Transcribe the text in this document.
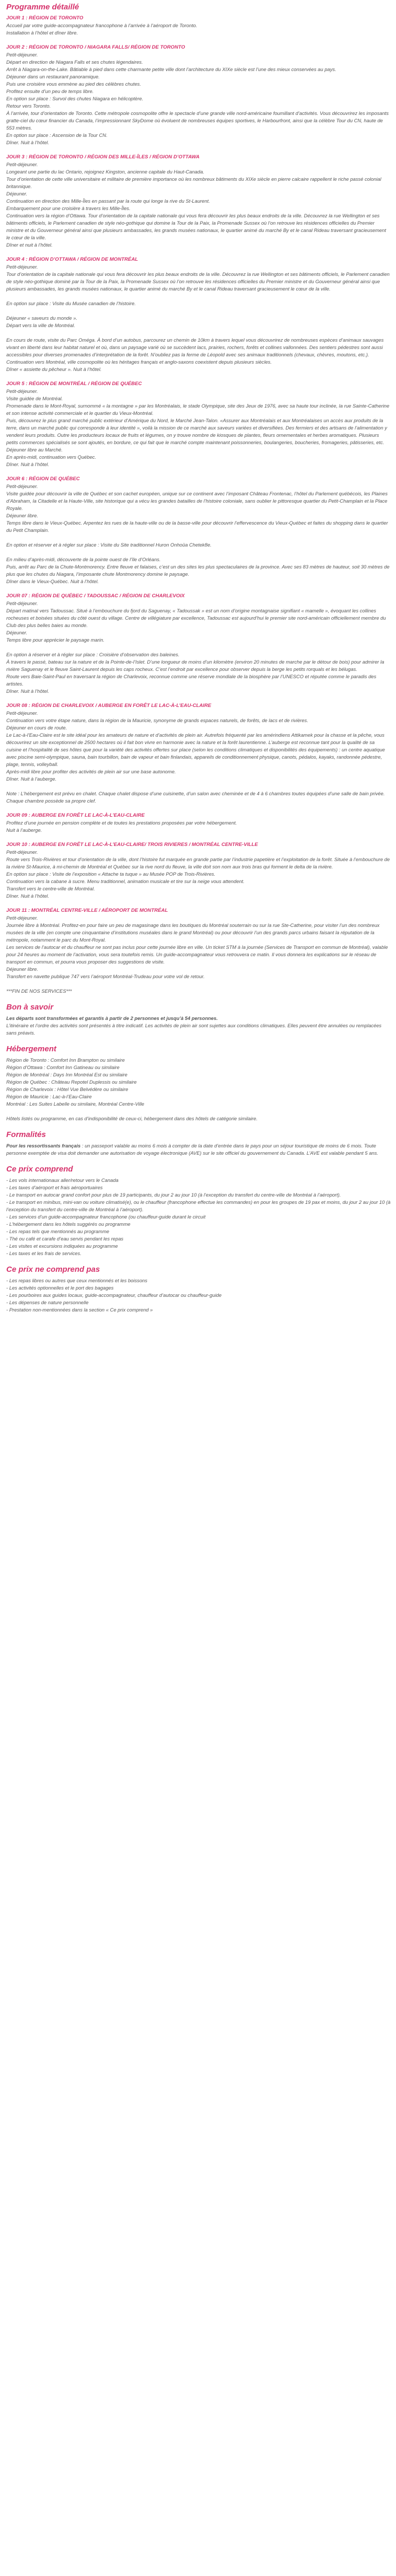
Programme détaillé
JOUR 1 : RÉGION DE TORONTO

Accueil par votre guide-accompagnateur francophone à l’arrivée à l’aéroport de Toronto.

Installation à l’hôtel et dîner libre.

JOUR 2 : RÉGION DE TORONTO / NIAGARA FALLS/ RÉGION DE TORONTO

Petit-déjeuner.

Départ en direction de Niagara Falls et ses chutes légendaires.

Arrêt à Niagara-on-the-Lake. Bâtiable à pied dans cette charmante petite ville dont l’architecture du XIXe siècle est l’une des mieux conservées au pays.

Déjeuner dans un restaurant panoramique.

Puis une croisière vous emmène au pied des célèbres chutes.

Profitez ensuite d’un peu de temps libre.

En option sur place : Survol des chutes Niagara en hélicoptère.

Retour vers Toronto.

À l’arrivée, tour d’orientation de Toronto. Cette métropole cosmopolite offre le spectacle d’une grande ville nord-américaine foumillant d’activités. Vous découvrirez les imposants gratte-ciel du cœur financier du Canada, l’impressionnant SkyDome où évoluent de nombreuses équipes sportives, le Harbourfront, ainsi que la célèbre Tour du CN, haute de 553 mètres.

En option sur place : Ascension de la Tour CN.

Dîner. Nuit à l’hôtel.

JOUR 3 : RÉGION DE TORONTO / RÉGION DES MILLE-ÎLES / RÉGION D’OTTAWA

Petit-déjeuner.

Longeant une partie du lac Ontario, rejoignez Kingston, ancienne capitale du Haut-Canada.

Tour d’orientation de cette ville universitaire et militaire de première importance où les nombreux bâtiments du XIXe siècle en pierre calcaire rappellent le riche passé colonial britannique.

Déjeuner.

Continuation en direction des Mille-Îles en passant par la route qui longe la rive du St-Laurent.

Embarquement pour une croisière à travers les Mille-Îles.

Continuation vers la région d’Ottawa. Tour d’orientation de la capitale nationale qui vous fera découvrir les plus beaux endroits de la ville. Découvrez la rue Wellington et ses bâtiments officiels, le Parlement canadien de style néo-gothique qui domine la Tour de la Paix, la Promenade Sussex où l’on retrouve les résidences officielles du Premier ministre et du Gouverneur général ainsi que plusieurs ambassades, les grands musées nationaux, le quartier animé du marché By et le canal Rideau traversant gracieusement le cœur de la ville.

Dîner et nuit à l’hôtel.

JOUR 4 : RÉGION D’OTTAWA / RÉGION DE MONTRÉAL

Petit-déjeuner.

Tour d’orientation de la capitale nationale qui vous fera découvrir les plus beaux endroits de la ville. Découvrez la rue Wellington et ses bâtiments officiels, le Parlement canadien de style néo-gothique dominé par la Tour de la Paix, la Promenade Sussex où l’on retrouve les résidences officielles du Premier ministre et du Gouverneur général ainsi que plusieurs ambassades, les grands musées nationaux, le quartier animé du marché By et le canal Rideau traversant gracieusement le cœur de la ville.

En option sur place : Visite du Musée canadien de l’histoire.

Déjeuner « saveurs du monde ».

Départ vers la ville de Montréal.

En cours de route, visite du Parc Oméga. À bord d’un autobus, parcourez un chemin de 10km à travers lequel vous découvrirez de nombreuses espèces d’animaux sauvages vivant en liberté dans leur habitat naturel et où, dans un paysage varié où se succèdent lacs, prairies, rochers, forêts et collines vallonnées. Des sentiers pédestres sont aussi accessibles pour diverses promenades d’interprétation de la forêt. N’oubliez pas la ferme de Léopold avec ses animaux traditionnels (chevaux, chèvres, moutons, etc.).

Continuation vers Montréal, ville cosmopolite où les héritages français et anglo-saxons coexistent depuis plusieurs siècles.

Dîner « assiette du pêcheur ». Nuit à l’hôtel.

JOUR 5 : RÉGION DE MONTRÉAL / RÉGION DE QUÉBEC

Petit-déjeuner.

Visite guidée de Montréal.

Promenade dans le Mont-Royal, surnommé « la montagne » par les Montréalais, le stade Olympique, site des Jeux de 1976, avec sa haute tour inclinée, la rue Sainte-Catherine et son intense activité commerciale et le quartier du Vieux-Montréal.

Puis, découvrez le plus grand marché public extérieur d’Amérique du Nord, le Marché Jean-Talon. «Assurer aux Montréalais et aux Montréalaises un accès aux produits de la terre, dans un marché public qui corresponde à leur identité », voilà la mission de ce marché aux saveurs variées et diversifiées. Des fermiers et des artisans de l’alimentation y vendent leurs produits. Outre les producteurs locaux de fruits et légumes, on y trouve nombre de kiosques de plantes, fleurs ornementales et herbes aromatiques. Plusieurs petits commerces spécialisés se sont ajoutés, en bordure, ce qui fait que le marché compte maintenant poissonneries, boulangeries, boucheries, fromageries, pâtisseries, etc.

Déjeuner libre au Marché.

En après-midi, continuation vers Québec.

Dîner. Nuit à l’hôtel.

JOUR 6 : RÉGION DE QUÉBEC

Petit-déjeuner.

Visite guidée pour découvrir la ville de Québec et son cachet européen, unique sur ce continent avec l’imposant Château Frontenac, l’hôtel du Parlement québécois, les Plaines d’Abraham, la Citadelle et la Haute-Ville, site historique qui a vécu les grandes batailles de l’histoire coloniale, sans oublier le pittoresque quartier du Petit-Champlain et la Place Royale.

Déjeuner libre.

Temps libre dans le Vieux-Québec. Arpentez les rues de la haute-ville ou de la basse-ville pour découvrir l’effervescence du Vieux-Québec et faites du shopping dans le quartier du Petit Champlain.

En option et réserver et à régler sur place : Visite du Site traditionnel Huron Onhoüa Chetek8e.

En milieu d’après-midi, découverte de la pointe ouest de l’île d’Orléans.

Puis, arrêt au Parc de la Chute-Montmorency. Entre fleuve et falaises, c’est un des sites les plus spectaculaires de la province. Avec ses 83 mètres de hauteur, soit 30 mètres de plus que les chutes du Niagara, l’imposante chute Montmorency domine le paysage.

Dîner dans le Vieux-Québec. Nuit à l’hôtel.

JOUR 07 : RÉGION DE QUÉBEC / TADOUSSAC / RÉGION DE CHARLEVOIX

Petit-déjeuner.

Départ matinal vers Tadoussac. Situé à l’embouchure du fjord du Saguenay, « Tadoussak » est un nom d’origine montagnaise signifiant « mamelle », évoquant les collines rocheuses et boisées situées du côté ouest du village. Centre de villégiature par excellence, Tadoussac est aujourd’hui le premier site nord-américain officiellement membre du Club des plus belles baies au monde.

Déjeuner.

Temps libre pour apprécier le paysage marin.

En option à réserver et à régler sur place : Croisière d’observation des baleines.

À travers le passé, bateau sur la nature et de la Pointe-de-l’Islet. D’une longueur de moins d’un kilomètre (environ 20 minutes de marche par le détour de bois) pour admirer la rivière Saguenay et le fleuve Saint-Laurent depuis les caps rocheux. C’est l’endroit par excellence pour observer depuis la berge les petits rorquals et les bélugas.

Route vers Baie-Saint-Paul en traversant la région de Charlevoix, reconnue comme une réserve mondiale de la biosphère par l’UNESCO et réputée comme le paradis des artistes.

Dîner. Nuit à l’hôtel.

JOUR 08 : RÉGION DE CHARLEVOIX / AUBERGE EN FORÊT LE LAC-À-L’EAU-CLAIRE

Petit-déjeuner.

Continuation vers votre étape nature, dans la région de la Mauricie, synonyme de grands espaces naturels, de forêts, de lacs et de rivières.

Déjeuner en cours de route.

Le Lac-à-l’Eau-Claire est le site idéal pour les amateurs de nature et d’activités de plein air. Autrefois fréquenté par les amérindiens Attikamek pour la chasse et la pêche, vous découvrirez un site exceptionnel de 2500 hectares où il fait bon vivre en harmonie avec la nature et la forêt laurentienne. L’auberge est reconnue tant pour la qualité de sa cuisine et l’hospitalité de ses hôtes que pour la variété des activités offertes sur place (selon les conditions climatiques et disponibilités des équipements) : un centre aquatique avec piscine semi-olympique, sauna, bain tourbillon, bain de vapeur et bain finlandais, appareils de conditionnement physique, canots, pédalos, kayaks, randonnée pédestre, plage, tennis, volleyball.

Après-midi libre pour profiter des activités de plein air sur une base autonome.

Dîner. Nuit à l’auberge.

Note : L’hébergement est prévu en chalet. Chaque chalet dispose d’une cuisinette, d’un salon avec cheminée et de 4 à 6 chambres toutes équipées d’une salle de bain privée. Chaque chambre possède sa propre clef.

JOUR 09 : AUBERGE EN FORÊT LE LAC-À-L’EAU-CLAIRE

Profitez d’une journée en pension complète et de toutes les prestations proposées par votre hébergement.

Nuit à l’auberge.

JOUR 10 : AUBERGE EN FORÊT LE LAC-À-L’EAU-CLAIRE/ TROIS RIVIERES / MONTRÉAL CENTRE-VILLE

Petit-déjeuner.

Route vers Trois-Rivières et tour d’orientation de la ville, dont l’histoire fut marquée en grande partie par l’industrie papetière et l’exploitation de la forêt. Située à l’embouchure de la rivière St-Maurice, à mi-chemin de Montréal et Québec sur la rive nord du fleuve, la ville doit son nom aux trois bras qui forment le delta de la rivière.

En option sur place : Visite de l’exposition « Attache ta tuque » au Musée POP de Trois-Rivières.

Continuation vers la cabane à sucre. Menu traditionnel, animation musicale et tire sur la neige vous attendent.

Transfert vers le centre-ville de Montréal.

Dîner. Nuit à l’hôtel.

JOUR 11 : MONTRÉAL CENTRE-VILLE / AÉROPORT DE MONTRÉAL

Petit-déjeuner.

Journée libre à Montréal. Profitez-en pour faire un peu de magasinage dans les boutiques du Montréal souterrain ou sur la rue Ste-Catherine, pour visiter l’un des nombreux musées de la ville (en compte une cinquantaine d’institutions muséales dans le grand Montréal) ou pour découvrir l’un des grands parcs urbains faisant la réputation de la métropole, notamment le parc du Mont-Royal.

Les services de l’autocar et du chauffeur ne sont pas inclus pour cette journée libre en ville. Un ticket STM à la journée (Services de Transport en commun de Montréal), valable pour 24 heures au moment de l’activation, vous sera toutefois remis. Un guide-accompagnateur vous retrouvera ce matin. Il vous donnera les explications sur le réseau de transport en commun, et pourra vous proposer des suggestions de visite.

Déjeuner libre.

Transfert en navette publique 747 vers l’aéroport Montréal-Trudeau pour votre vol de retour.

***FIN DE NOS SERVICES***

Bon à savoir

Les départs sont transformées et garantis à partir de 2 personnes et jusqu’à 54 personnes.

L’itinéraire et l’ordre des activités sont présentés à titre indicatif. Les activités de plein air sont sujettes aux conditions climatiques. Elles peuvent être annulées ou remplacées sans préavis.

Hébergement

Région de Toronto : Comfort Inn Brampton ou similaire

Région d’Ottawa : Comfort Inn Gatineau ou similaire

Région de Montréal : Days Inn Montréal Est ou similaire

Région de Québec : Château Repotel Duplessis ou similaire

Région de Charlevoix : Hôtel Vue Belvédère ou similaire

Région de Mauricie : Lac-à-l’Eau-Claire

Montréal : Les Suites Labelle ou similaire, Montréal Centre-Ville

Hôtels listés ou programme, en cas d’indisponibilité de ceux-ci, hébergement dans des hôtels de catégorie similaire.

Formalités

Pour les ressortissants français : un passeport valable au moins 6 mois à compter de la date d’entrée dans le pays pour un séjour touristique de moins de 6 mois. Toute personne exemptée de visa doit demander une autorisation de voyage électronique (AVE) sur le site officiel du gouvernement du Canada. L’AVE est valable pendant 5 ans.

Ce prix comprend
- Les vols internationaux aller/retour vers le Canada
- Les taxes d’aéroport et frais aéroportuaires
- Le transport en autocar grand confort pour plus de 19 participants, du jour 2 au jour 10 (à l’exception du transfert du centre-ville de Montréal à l’aéroport).
- Le transport en minibus, mini-van ou voiture climatisé(e), ou le chauffeur (francophone effectue les commandes) en pour les groupes de 19 pax et moins, du jour 2 au jour 10 (à l’exception du transfert du centre-ville de Montréal à l’aéroport).
- Les services d’un guide-accompagnateur francophone (ou chauffeur-guide durant le circuit
- L’hébergement dans les hôtels suggérés ou programme
- Les repas tels que mentionnés au programme
- Thé ou café et carafe d’eau servis pendant les repas
- Les visites et excursions indiquées au programme
- Les taxes et les frais de services.
Ce prix ne comprend pas
- Les repas libres ou autres que ceux mentionnés et les boissons
- Les activités optionnelles et le port des bagages
- Les pourboires aux guides locaux, guide-accompagnateur, chauffeur d’autocar ou chauffeur-guide
- Les dépenses de nature personnelle
- Prestation non-mentionnées dans la section « Ce prix comprend »
